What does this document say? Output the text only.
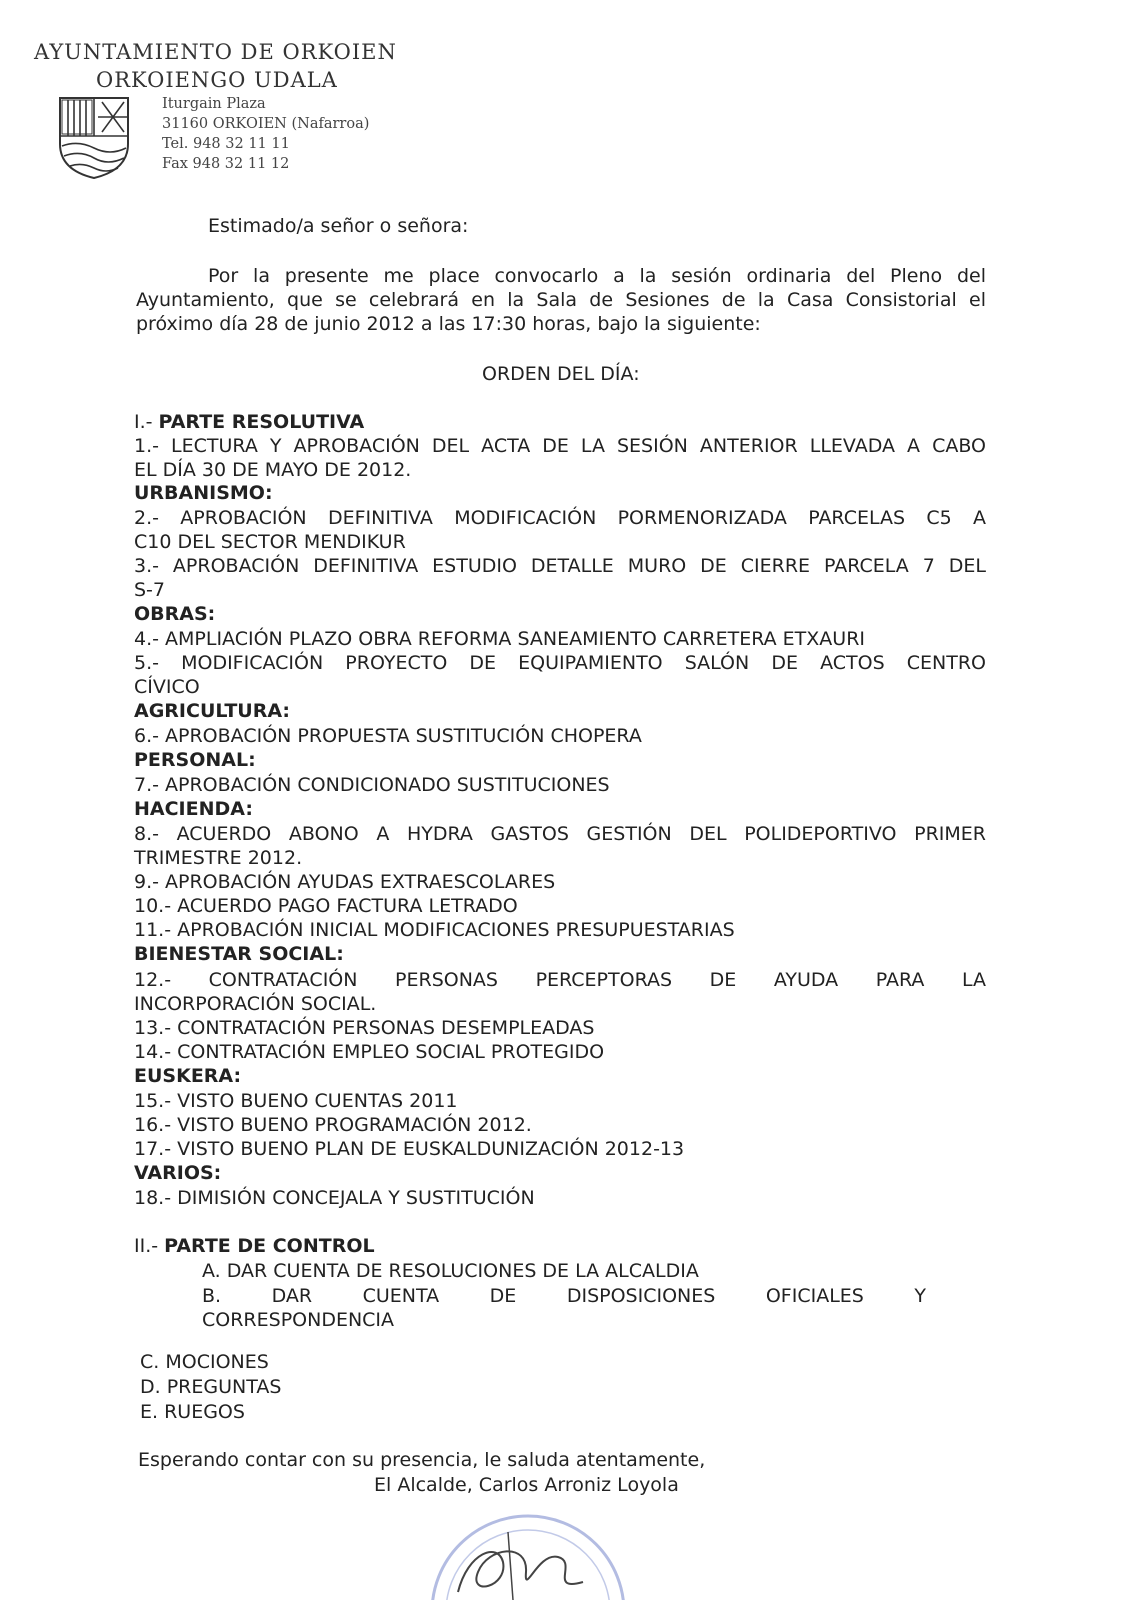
AYUNTAMIENTO DE ORKOIEN
ORKOIENGO UDALA
Iturgain Plaza
31160 ORKOIEN (Nafarroa)
Tel. 948 32 11 11
Fax 948 32 11 12
Estimado/a señor o señora:
Por la presente me place convocarlo a la sesión ordinaria del Pleno del
Ayuntamiento, que se celebrará en la Sala de Sesiones de la Casa Consistorial el
próximo día 28 de junio 2012 a las 17:30 horas, bajo la siguiente:
ORDEN DEL DÍA:
I.- PARTE RESOLUTIVA
1.- LECTURA Y APROBACIÓN DEL ACTA DE LA SESIÓN ANTERIOR LLEVADA A CABO
EL DÍA 30 DE MAYO DE 2012.
URBANISMO:
2.- APROBACIÓN DEFINITIVA MODIFICACIÓN PORMENORIZADA PARCELAS C5 A
C10 DEL SECTOR MENDIKUR
3.- APROBACIÓN DEFINITIVA ESTUDIO DETALLE MURO DE CIERRE PARCELA 7 DEL
S-7
OBRAS:
4.- AMPLIACIÓN PLAZO OBRA REFORMA SANEAMIENTO CARRETERA ETXAURI
5.- MODIFICACIÓN PROYECTO DE EQUIPAMIENTO SALÓN DE ACTOS CENTRO
CÍVICO
AGRICULTURA:
6.- APROBACIÓN PROPUESTA SUSTITUCIÓN CHOPERA
PERSONAL:
7.- APROBACIÓN CONDICIONADO SUSTITUCIONES
HACIENDA:
8.- ACUERDO ABONO A HYDRA GASTOS GESTIÓN DEL POLIDEPORTIVO PRIMER
TRIMESTRE 2012.
9.- APROBACIÓN AYUDAS EXTRAESCOLARES
10.- ACUERDO PAGO FACTURA LETRADO
11.- APROBACIÓN INICIAL MODIFICACIONES PRESUPUESTARIAS
BIENESTAR SOCIAL:
12.- CONTRATACIÓN PERSONAS PERCEPTORAS DE AYUDA PARA LA
INCORPORACIÓN SOCIAL.
13.- CONTRATACIÓN PERSONAS DESEMPLEADAS
14.- CONTRATACIÓN EMPLEO SOCIAL PROTEGIDO
EUSKERA:
15.- VISTO BUENO CUENTAS 2011
16.- VISTO BUENO PROGRAMACIÓN 2012.
17.- VISTO BUENO PLAN DE EUSKALDUNIZACIÓN 2012-13
VARIOS:
18.- DIMISIÓN CONCEJALA Y SUSTITUCIÓN
II.- PARTE DE CONTROL
A. DAR CUENTA DE RESOLUCIONES DE LA ALCALDIA
B. DAR CUENTA DE DISPOSICIONES OFICIALES Y
CORRESPONDENCIA
C. MOCIONES
D. PREGUNTAS
E. RUEGOS
Esperando contar con su presencia, le saluda atentamente,
El Alcalde, Carlos Arroniz Loyola
